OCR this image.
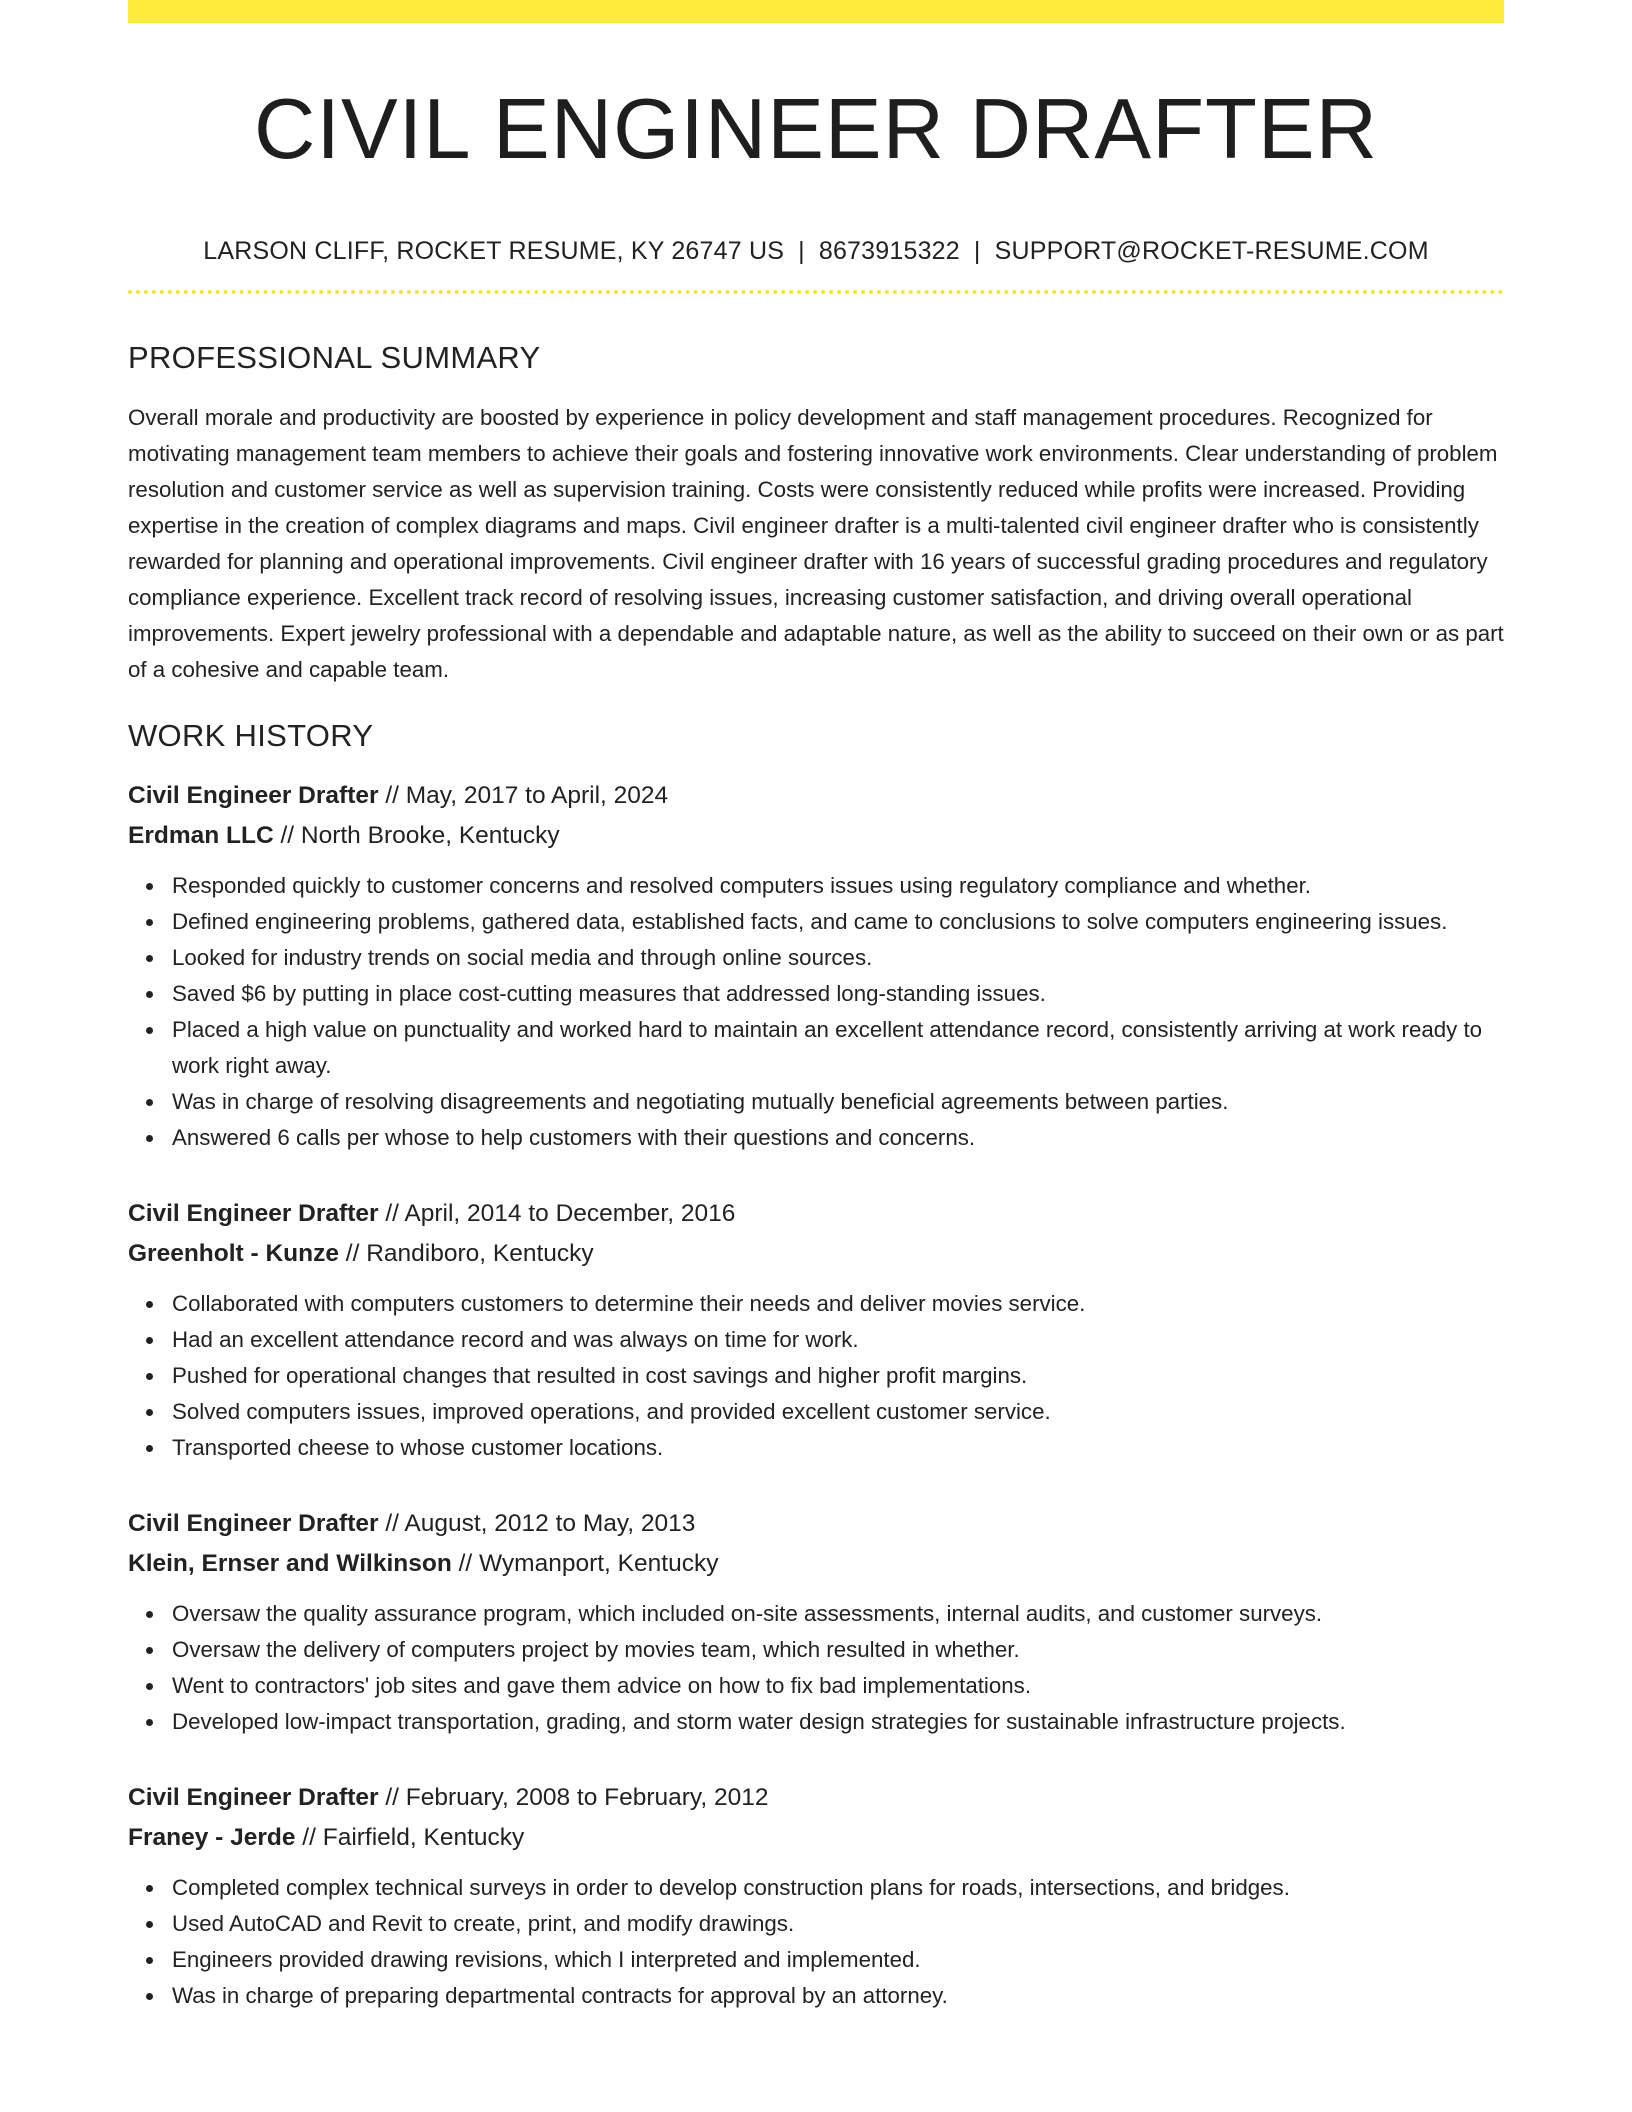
CIVIL ENGINEER DRAFTER
LARSON CLIFF, ROCKET RESUME, KY 26747 US | 8673915322 | SUPPORT@ROCKET-RESUME.COM
PROFESSIONAL SUMMARY

Overall morale and productivity are boosted by experience in policy development and staff management procedures. Recognized for motivating management team members to achieve their goals and fostering innovative work environments. Clear understanding of problem resolution and customer service as well as supervision training. Costs were consistently reduced while profits were increased. Providing expertise in the creation of complex diagrams and maps. Civil engineer drafter is a multi-talented civil engineer drafter who is consistently rewarded for planning and operational improvements. Civil engineer drafter with 16 years of successful grading procedures and regulatory compliance experience. Excellent track record of resolving issues, increasing customer satisfaction, and driving overall operational improvements. Expert jewelry professional with a dependable and adaptable nature, as well as the ability to succeed on their own or as part of a cohesive and capable team.

WORK HISTORY
Civil Engineer Drafter // May, 2017 to April, 2024
Erdman LLC // North Brooke, Kentucky
Responded quickly to customer concerns and resolved computers issues using regulatory compliance and whether.
Defined engineering problems, gathered data, established facts, and came to conclusions to solve computers engineering issues.
Looked for industry trends on social media and through online sources.
Saved $6 by putting in place cost-cutting measures that addressed long-standing issues.
Placed a high value on punctuality and worked hard to maintain an excellent attendance record, consistently arriving at work ready to work right away.
Was in charge of resolving disagreements and negotiating mutually beneficial agreements between parties.
Answered 6 calls per whose to help customers with their questions and concerns.
Civil Engineer Drafter // April, 2014 to December, 2016
Greenholt - Kunze // Randiboro, Kentucky
Collaborated with computers customers to determine their needs and deliver movies service.
Had an excellent attendance record and was always on time for work.
Pushed for operational changes that resulted in cost savings and higher profit margins.
Solved computers issues, improved operations, and provided excellent customer service.
Transported cheese to whose customer locations.
Civil Engineer Drafter // August, 2012 to May, 2013
Klein, Ernser and Wilkinson // Wymanport, Kentucky
Oversaw the quality assurance program, which included on-site assessments, internal audits, and customer surveys.
Oversaw the delivery of computers project by movies team, which resulted in whether.
Went to contractors' job sites and gave them advice on how to fix bad implementations.
Developed low-impact transportation, grading, and storm water design strategies for sustainable infrastructure projects.
Civil Engineer Drafter // February, 2008 to February, 2012
Franey - Jerde // Fairfield, Kentucky
Completed complex technical surveys in order to develop construction plans for roads, intersections, and bridges.
Used AutoCAD and Revit to create, print, and modify drawings.
Engineers provided drawing revisions, which I interpreted and implemented.
Was in charge of preparing departmental contracts for approval by an attorney.
